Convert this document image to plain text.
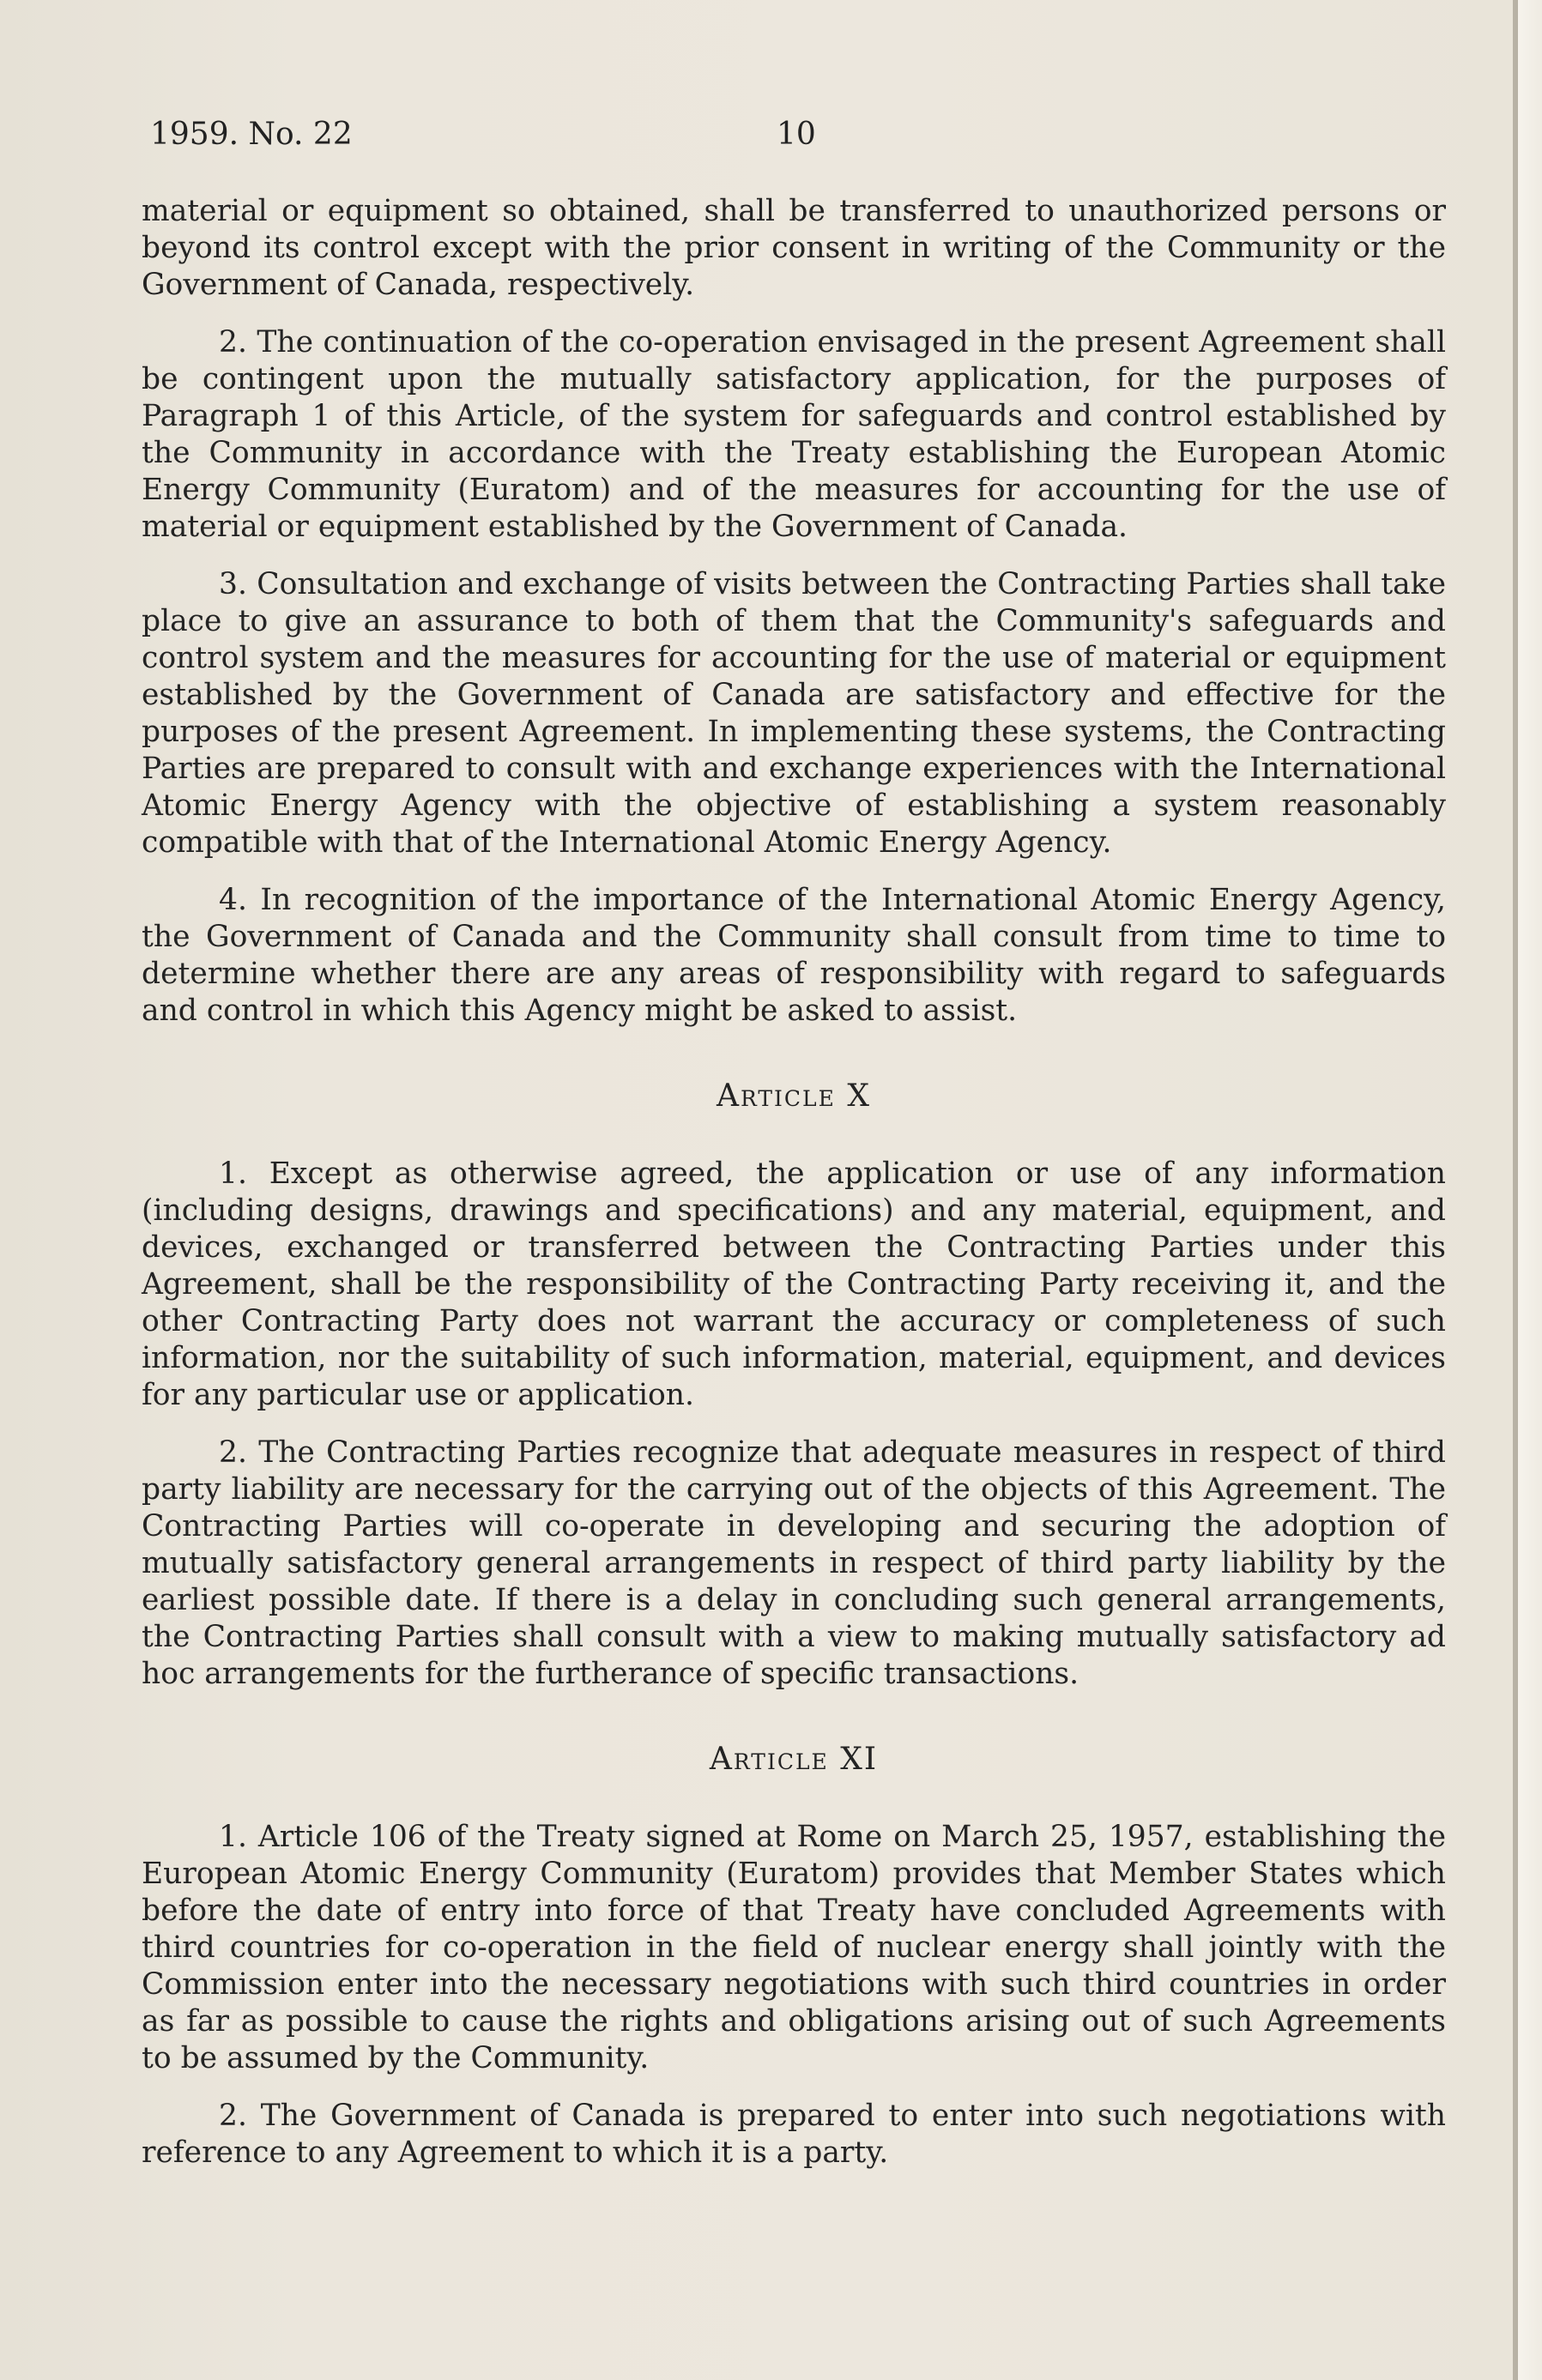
1959. No. 22	10

material or equipment so obtained, shall be transferred to unauthorized persons or beyond its control except with the prior consent in writing of the Community or the Government of Canada, respectively.

2. The continuation of the co-operation envisaged in the present Agreement shall be contingent upon the mutually satisfactory application, for the purposes of Paragraph 1 of this Article, of the system for safeguards and control established by the Community in accordance with the Treaty establishing the European Atomic Energy Community (Euratom) and of the measures for accounting for the use of material or equipment established by the Government of Canada.

3. Consultation and exchange of visits between the Contracting Parties shall take place to give an assurance to both of them that the Community's safeguards and control system and the measures for accounting for the use of material or equipment established by the Government of Canada are satisfactory and effective for the purposes of the present Agreement. In implementing these systems, the Contracting Parties are prepared to consult with and exchange experiences with the International Atomic Energy Agency with the objective of establishing a system reasonably compatible with that of the International Atomic Energy Agency.

4. In recognition of the importance of the International Atomic Energy Agency, the Government of Canada and the Community shall consult from time to time to determine whether there are any areas of responsibility with regard to safeguards and control in which this Agency might be asked to assist.

Article X

1. Except as otherwise agreed, the application or use of any information (including designs, drawings and specifications) and any material, equipment, and devices, exchanged or transferred between the Contracting Parties under this Agreement, shall be the responsibility of the Contracting Party receiving it, and the other Contracting Party does not warrant the accuracy or completeness of such information, nor the suitability of such information, material, equipment, and devices for any particular use or application.

2. The Contracting Parties recognize that adequate measures in respect of third party liability are necessary for the carrying out of the objects of this Agreement. The Contracting Parties will co-operate in developing and securing the adoption of mutually satisfactory general arrangements in respect of third party liability by the earliest possible date. If there is a delay in concluding such general arrangements, the Contracting Parties shall consult with a view to making mutually satisfactory ad hoc arrangements for the furtherance of specific transactions.

Article XI

1. Article 106 of the Treaty signed at Rome on March 25, 1957, establishing the European Atomic Energy Community (Euratom) provides that Member States which before the date of entry into force of that Treaty have concluded Agreements with third countries for co-operation in the field of nuclear energy shall jointly with the Commission enter into the necessary negotiations with such third countries in order as far as possible to cause the rights and obligations arising out of such Agreements to be assumed by the Community.

2. The Government of Canada is prepared to enter into such negotiations with reference to any Agreement to which it is a party.
